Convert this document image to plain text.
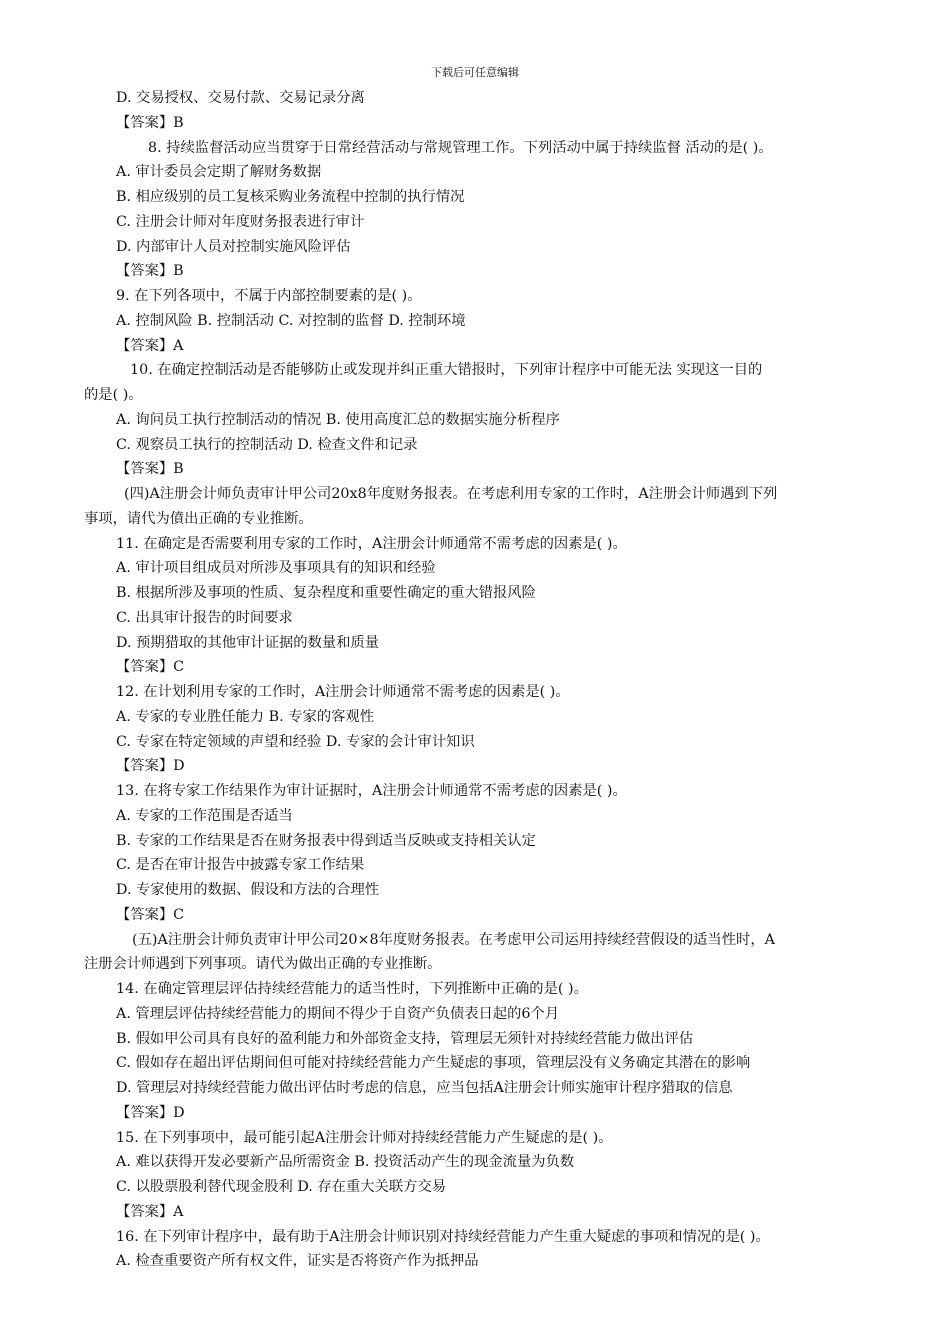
下载后可任意编辑
D. 交易授权、交易付款、交易记录分离
【答案】B
8. 持续监督活动应当贯穿于日常经营活动与常规管理工作。下列活动中属于持续监督 活动的是( )。
A. 审计委员会定期了解财务数据
B. 相应级别的员工复核采购业务流程中控制的执行情况
C. 注册会计师对年度财务报表进行审计
D. 内部审计人员对控制实施风险评估
【答案】B
9. 在下列各项中，不属于内部控制要素的是( )。
A. 控制风险 B. 控制活动 C. 对控制的监督 D. 控制环境
【答案】A
10. 在确定控制活动是否能够防止或发现并纠正重大错报时，下列审计程序中可能无法 实现这一目的
的是( )。
A. 询问员工执行控制活动的情况 B. 使用高度汇总的数据实施分析程序
C. 观察员工执行的控制活动 D. 检查文件和记录
【答案】B
(四)A注册会计师负责审计甲公司20x8年度财务报表。在考虑利用专家的工作时，A注册会计师遇到下列
事项，请代为僨出正确的专业推断。
11. 在确定是否需要利用专家的工作时，A注册会计师通常不需考虑的因素是( )。
A. 审计项目组成员对所涉及事项具有的知识和经验
B. 根据所涉及事项的性质、复杂程度和重要性确定的重大错报风险
C. 出具审计报告的时间要求
D. 预期猎取的其他审计证据的数量和质量
【答案】C
12. 在计划利用专家的工作时，A注册会计师通常不需考虑的因素是( )。
A. 专家的专业胜任能力 B. 专家的客观性
C. 专家在特定领域的声望和经验 D. 专家的会计审计知识
【答案】D
13. 在将专家工作结果作为审计证据时，A注册会计师通常不需考虑的因素是( )。
A. 专家的工作范围是否适当
B. 专家的工作结果是否在财务报表中得到适当反映或支持相关认定
C. 是否在审计报告中披露专家工作结果
D. 专家使用的数据、假设和方法的合理性
【答案】C
(五)A注册会计师负责审计甲公司20×8年度财务报表。在考虑甲公司运用持续经营假设的适当性时，A
注册会计师遇到下列事项。请代为做出正确的专业推断。
14. 在确定管理层评估持续经营能力的适当性时，下列推断中正确的是( )。
A. 管理层评估持续经营能力的期间不得少于自资产负债表日起的6个月
B. 假如甲公司具有良好的盈利能力和外部资金支持，管理层无须针对持续经营能力做出评估
C. 假如存在超出评估期间但可能对持续经营能力产生疑虑的事项，管理层没有义务确定其潜在的影响
D. 管理层对持续经营能力做出评估时考虑的信息，应当包括A注册会计师实施审计程序猎取的信息
【答案】D
15. 在下列事项中，最可能引起A注册会计师对持续经营能力产生疑虑的是( )。
A. 难以获得开发必要新产品所需资金 B. 投资活动产生的现金流量为负数
C. 以股票股利替代现金股利 D. 存在重大关联方交易
【答案】A
16. 在下列审计程序中，最有助于A注册会计师识别对持续经营能力产生重大疑虑的事项和情况的是( )。
A. 检查重要资产所有权文件，证实是否将资产作为抵押品
